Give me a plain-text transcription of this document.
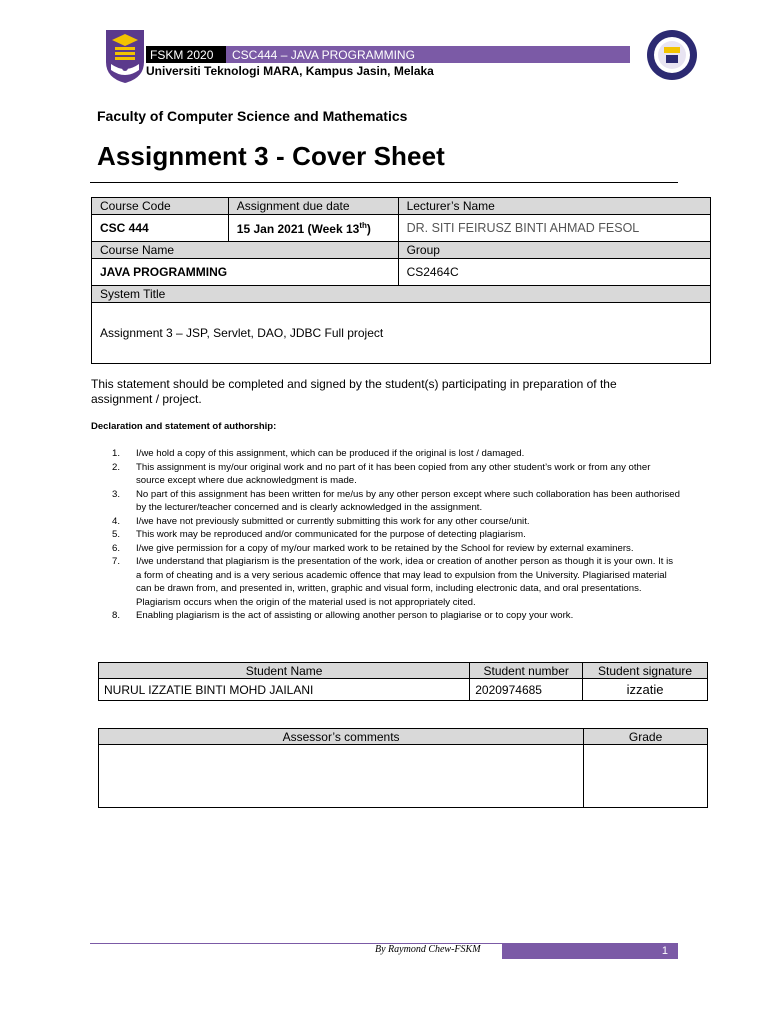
FSKM 2020	CSC444 – JAVA PROGRAMMING
Universiti Teknologi MARA, Kampus Jasin, Melaka
Faculty of Computer Science and Mathematics
Assignment 3 - Cover Sheet
Course Code	Assignment due date	Lecturer’s Name
CSC 444	15 Jan 2021 (Week 13th)	DR. SITI FEIRUSZ BINTI AHMAD FESOL
Course Name		Group
JAVA PROGRAMMING		CS2464C
System Title		
Assignment 3 – JSP, Servlet, DAO, JDBC Full project		
This statement should be completed and signed by the student(s) participating in preparation of the assignment / project.
Declaration and statement of authorship:
1.	I/we hold a copy of this assignment, which can be produced if the original is lost / damaged.
2.	This assignment is my/our original work and no part of it has been copied from any other student’s work or from any other source except where due acknowledgment is made.
3.	No part of this assignment has been written for me/us by any other person except where such collaboration has been authorised by the lecturer/teacher concerned and is clearly acknowledged in the assignment.
4.	I/we have not previously submitted or currently submitting this work for any other course/unit.
5.	This work may be reproduced and/or communicated for the purpose of detecting plagiarism.
6.	I/we give permission for a copy of my/our marked work to be retained by the School for review by external examiners.
7.	I/we understand that plagiarism is the presentation of the work, idea or creation of another person as though it is your own. It is a form of cheating and is a very serious academic offence that may lead to expulsion from the University. Plagiarised material can be drawn from, and presented in, written, graphic and visual form, including electronic data, and oral presentations. Plagiarism occurs when the origin of the material used is not appropriately cited.
8.	Enabling plagiarism is the act of assisting or allowing another person to plagiarise or to copy your work.
Student Name	Student number	Student signature
NURUL IZZATIE BINTI MOHD JAILANI	2020974685	izzatie
Assessor’s comments	Grade

By Raymond Chew-FSKM	1
